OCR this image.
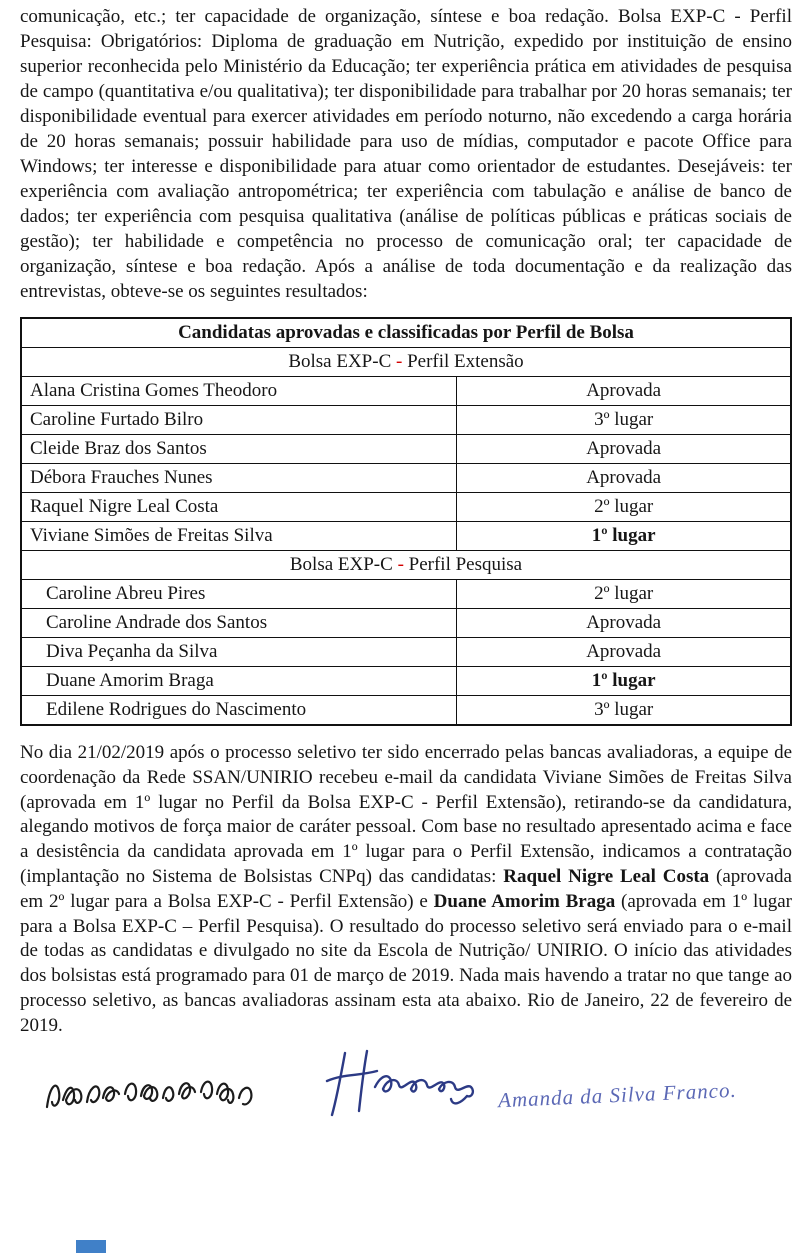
comunicação, etc.; ter capacidade de organização, síntese e boa redação. Bolsa EXP-C - Perfil Pesquisa: Obrigatórios: Diploma de graduação em Nutrição, expedido por instituição de ensino superior reconhecida pelo Ministério da Educação; ter experiência prática em atividades de pesquisa de campo (quantitativa e/ou qualitativa); ter disponibilidade para trabalhar por 20 horas semanais; ter disponibilidade eventual para exercer atividades em período noturno, não excedendo a carga horária de 20 horas semanais; possuir habilidade para uso de mídias, computador e pacote Office para Windows; ter interesse e disponibilidade para atuar como orientador de estudantes. Desejáveis: ter experiência com avaliação antropométrica; ter experiência com tabulação e análise de banco de dados; ter experiência com pesquisa qualitativa (análise de políticas públicas e práticas sociais de gestão); ter habilidade e competência no processo de comunicação oral; ter capacidade de organização, síntese e boa redação. Após a análise de toda documentação e da realização das entrevistas, obteve-se os seguintes resultados:

Candidatas aprovadas e classificadas por Perfil de Bolsa	
Bolsa EXP-C - Perfil Extensão	
Alana Cristina Gomes Theodoro	Aprovada
Caroline Furtado Bilro	3º lugar
Cleide Braz dos Santos	Aprovada
Débora Frauches Nunes	Aprovada
Raquel Nigre Leal Costa	2º lugar
Viviane Simões de Freitas Silva	1º lugar
Bolsa EXP-C - Perfil Pesquisa	
Caroline Abreu Pires	2º lugar
Caroline Andrade dos Santos	Aprovada
Diva Peçanha da Silva	Aprovada
Duane Amorim Braga	1º lugar
Edilene Rodrigues do Nascimento	3º lugar

No dia 21/02/2019 após o processo seletivo ter sido encerrado pelas bancas avaliadoras, a equipe de coordenação da Rede SSAN/UNIRIO recebeu e-mail da candidata Viviane Simões de Freitas Silva (aprovada em 1º lugar no Perfil da Bolsa EXP-C - Perfil Extensão), retirando-se da candidatura, alegando motivos de força maior de caráter pessoal. Com base no resultado apresentado acima e face a desistência da candidata aprovada em 1º lugar para o Perfil Extensão, indicamos a contratação (implantação no Sistema de Bolsistas CNPq) das candidatas: Raquel Nigre Leal Costa (aprovada em 2º lugar para a Bolsa EXP-C - Perfil Extensão) e Duane Amorim Braga (aprovada em 1º lugar para a Bolsa EXP-C – Perfil Pesquisa). O resultado do processo seletivo será enviado para o e-mail de todas as candidatas e divulgado no site da Escola de Nutrição/ UNIRIO. O início das atividades dos bolsistas está programado para 01 de março de 2019. Nada mais havendo a tratar no que tange ao processo seletivo, as bancas avaliadoras assinam esta ata abaixo. Rio de Janeiro, 22 de fevereiro de 2019.

Amanda da Silva Franco.
